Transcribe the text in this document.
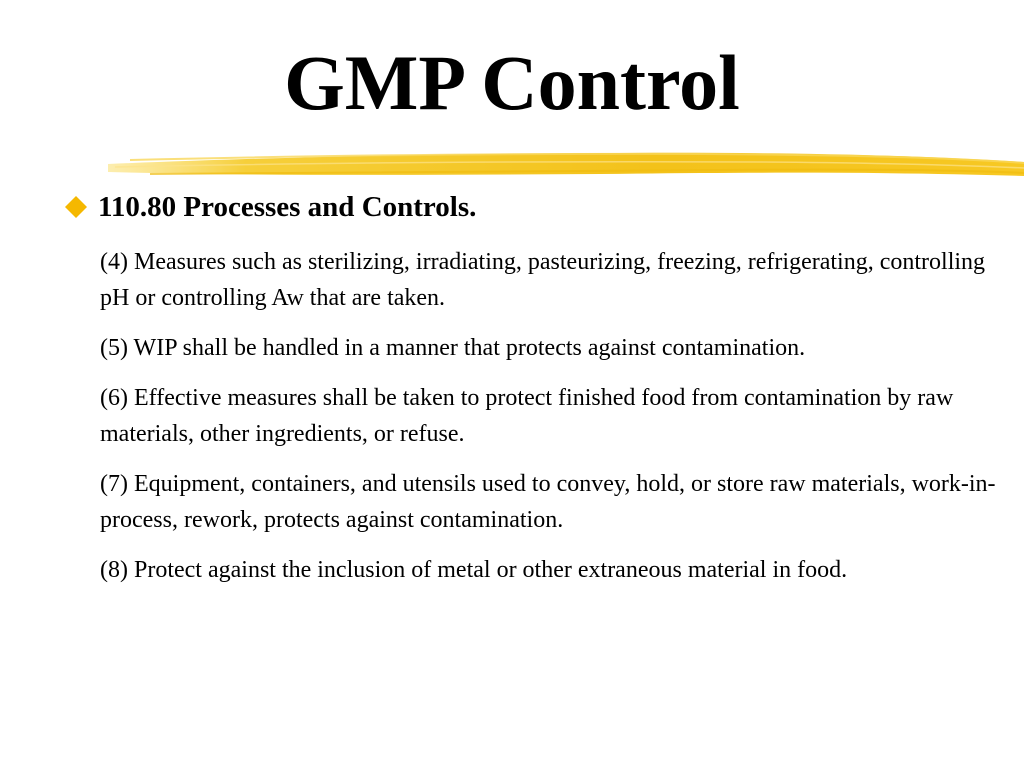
GMP Control
110.80 Processes and Controls.

(4) Measures such as sterilizing, irradiating, pasteurizing, freezing, refrigerating, controlling pH or controlling Aw that are taken.

(5) WIP shall be handled in a manner that protects against contamination.

(6) Effective measures shall be taken to protect finished food from contamination by raw materials, other ingredients, or refuse.

(7) Equipment, containers, and utensils used to convey, hold, or store raw materials, work-in-process, rework, protects against contamination.

(8) Protect against the inclusion of metal or other extraneous material in food.
